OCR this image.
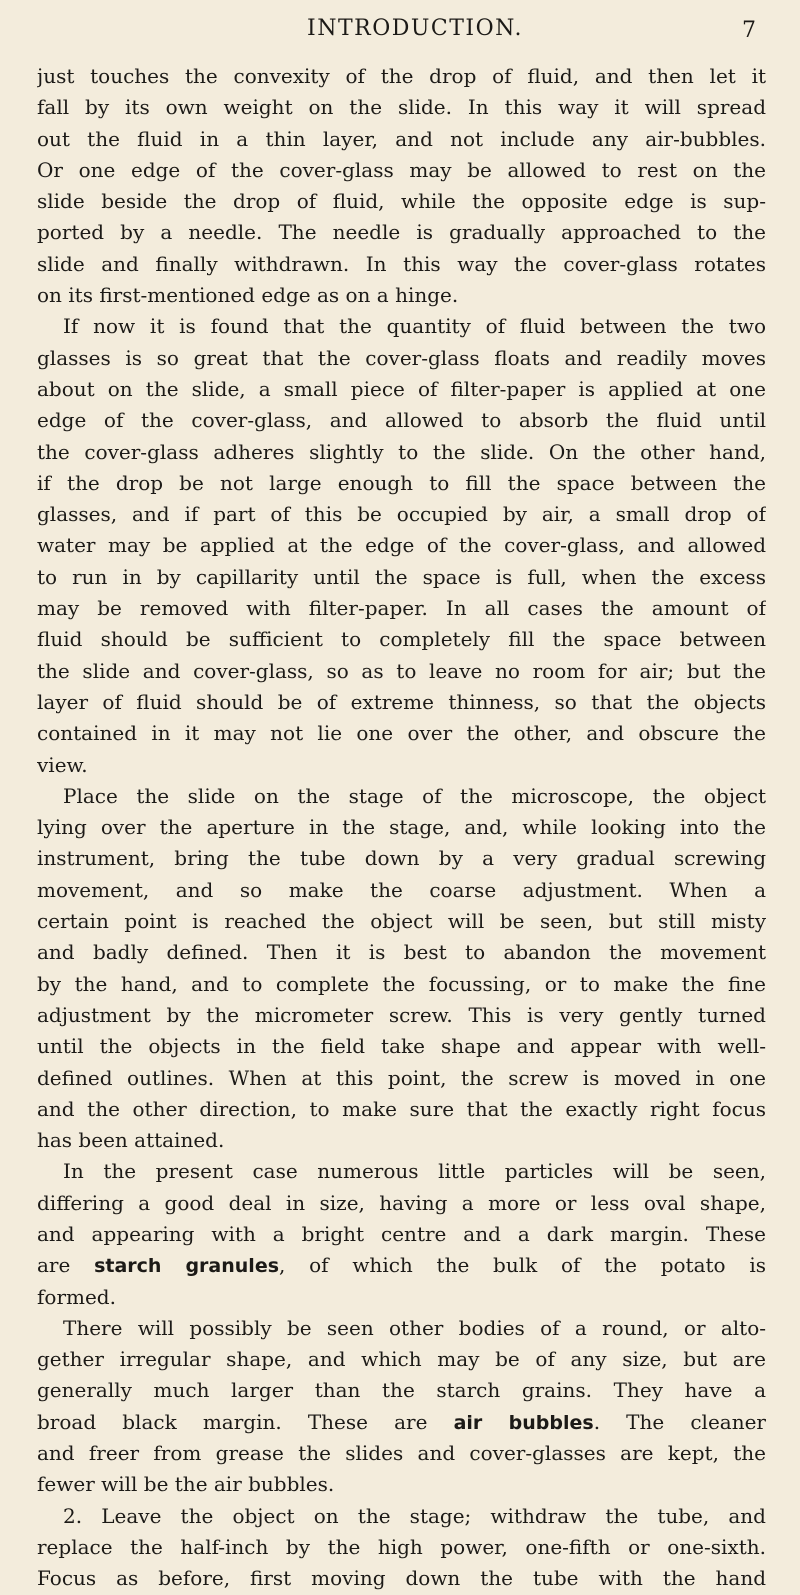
INTRODUCTION.	7
just touches the convexity of the drop of fluid, and then let it
fall by its own weight on the slide. In this way it will spread
out the fluid in a thin layer, and not include any air-bubbles.
Or one edge of the cover-glass may be allowed to rest on the
slide beside the drop of fluid, while the opposite edge is sup-
ported by a needle. The needle is gradually approached to the
slide and finally withdrawn. In this way the cover-glass rotates
on its first-mentioned edge as on a hinge.
If now it is found that the quantity of fluid between the two
glasses is so great that the cover-glass floats and readily moves
about on the slide, a small piece of filter-paper is applied at one
edge of the cover-glass, and allowed to absorb the fluid until
the cover-glass adheres slightly to the slide. On the other hand,
if the drop be not large enough to fill the space between the
glasses, and if part of this be occupied by air, a small drop of
water may be applied at the edge of the cover-glass, and allowed
to run in by capillarity until the space is full, when the excess
may be removed with filter-paper. In all cases the amount of
fluid should be sufficient to completely fill the space between
the slide and cover-glass, so as to leave no room for air; but the
layer of fluid should be of extreme thinness, so that the objects
contained in it may not lie one over the other, and obscure the
view.
Place the slide on the stage of the microscope, the object
lying over the aperture in the stage, and, while looking into the
instrument, bring the tube down by a very gradual screwing
movement, and so make the coarse adjustment. When a
certain point is reached the object will be seen, but still misty
and badly defined. Then it is best to abandon the movement
by the hand, and to complete the focussing, or to make the fine
adjustment by the micrometer screw. This is very gently turned
until the objects in the field take shape and appear with well-
defined outlines. When at this point, the screw is moved in one
and the other direction, to make sure that the exactly right focus
has been attained.
In the present case numerous little particles will be seen,
differing a good deal in size, having a more or less oval shape,
and appearing with a bright centre and a dark margin. These
are starch granules, of which the bulk of the potato is
formed.
There will possibly be seen other bodies of a round, or alto-
gether irregular shape, and which may be of any size, but are
generally much larger than the starch grains. They have a
broad black margin. These are air bubbles. The cleaner
and freer from grease the slides and cover-glasses are kept, the
fewer will be the air bubbles.
2. Leave the object on the stage; withdraw the tube, and
replace the half-inch by the high power, one-fifth or one-sixth.
Focus as before, first moving down the tube with the hand
